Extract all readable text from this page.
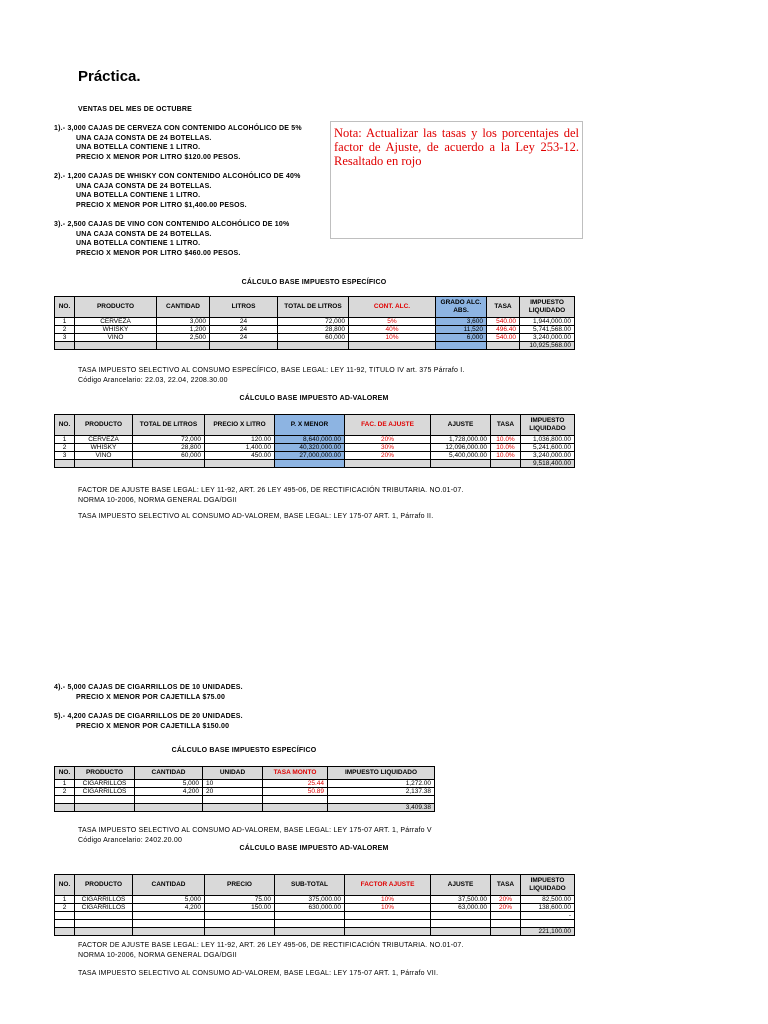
Práctica.
VENTAS DEL MES DE OCTUBRE
1).- 3,000 CAJAS DE CERVEZA CON CONTENIDO ALCOHÓLICO DE 5%
UNA CAJA CONSTA DE 24 BOTELLAS.
UNA BOTELLA CONTIENE 1 LITRO.
PRECIO X MENOR POR LITRO $120.00 PESOS.
2).- 1,200 CAJAS DE WHISKY CON CONTENIDO ALCOHÓLICO DE 40%
UNA CAJA CONSTA DE 24 BOTELLAS.
UNA BOTELLA CONTIENE 1 LITRO.
PRECIO X MENOR POR LITRO $1,400.00 PESOS.
3).- 2,500 CAJAS DE VINO CON CONTENIDO ALCOHÓLICO DE 10%
UNA CAJA CONSTA DE 24 BOTELLAS.
UNA BOTELLA CONTIENE 1 LITRO.
PRECIO X MENOR POR LITRO $460.00 PESOS.
Nota: Actualizar las tasas y los porcentajes del factor de Ajuste, de acuerdo a la Ley 253-12. Resaltado en rojo
CÁLCULO BASE IMPUESTO ESPECÍFICO
NO.	PRODUCTO	CANTIDAD	LITROS	TOTAL DE LITROS	CONT. ALC.	GRADO ALC. ABS.	TASA	IMPUESTO LIQUIDADO
1	CERVEZA	3,000	24	72,000	5%	3,600	540.00	1,944,000.00
2	WHISKY	1,200	24	28,800	40%	11,520	496.40	5,741,568.00
3	VINO	2,500	24	60,000	10%	6,000	540.00	3,240,000.00
								10,925,568.00
TASA IMPUESTO SELECTIVO AL CONSUMO ESPECÍFICO, BASE LEGAL: LEY 11-92, TITULO IV art. 375 Párrafo I.
Código Arancelario: 22.03, 22.04, 2208.30.00
CÁLCULO BASE IMPUESTO AD-VALOREM
NO.	PRODUCTO	TOTAL DE LITROS	PRECIO X LITRO	P. X MENOR	FAC. DE AJUSTE	AJUSTE	TASA	IMPUESTO LIQUIDADO
1	CERVEZA	72,000	120.00	8,640,000.00	20%	1,728,000.00	10.0%	1,036,800.00
2	WHISKY	28,800	1,400.00	40,320,000.00	30%	12,096,000.00	10.0%	5,241,600.00
3	VINO	60,000	450.00	27,000,000.00	20%	5,400,000.00	10.0%	3,240,000.00
								9,518,400.00
FACTOR DE AJUSTE BASE LEGAL: LEY 11-92, ART. 26 LEY 495-06, DE RECTIFICACIÓN TRIBUTARIA. NO.01-07.
NORMA 10-2006, NORMA GENERAL DGA/DGII
TASA IMPUESTO SELECTIVO AL CONSUMO AD-VALOREM, BASE LEGAL: LEY 175-07 ART. 1, Párrafo II.
4).- 5,000 CAJAS DE CIGARRILLOS DE 10 UNIDADES.
PRECIO X MENOR POR CAJETILLA $75.00
5).- 4,200 CAJAS DE CIGARRILLOS DE 20 UNIDADES.
PRECIO X MENOR POR CAJETILLA $150.00
CÁLCULO BASE IMPUESTO ESPECÍFICO
NO.	PRODUCTO	CANTIDAD	UNIDAD	TASA MONTO	IMPUESTO LIQUIDADO
1	CIGARRILLOS	5,000	10	25.44	1,272.00
2	CIGARRILLOS	4,200	20	50.89	2,137.38

					3,409.38
TASA IMPUESTO SELECTIVO AL CONSUMO AD-VALOREM, BASE LEGAL: LEY 175-07 ART. 1, Párrafo V
Código Arancelario: 2402.20.00
CÁLCULO BASE IMPUESTO AD-VALOREM
NO.	PRODUCTO	CANTIDAD	PRECIO	SUB-TOTAL	FACTOR AJUSTE	AJUSTE	TASA	IMPUESTO LIQUIDADO
1	CIGARRILLOS	5,000	75.00	375,000.00	10%	37,500.00	20%	82,500.00
2	CIGARRILLOS	4,200	150.00	630,000.00	10%	63,000.00	20%	138,600.00
								-

								221,100.00
FACTOR DE AJUSTE BASE LEGAL: LEY 11-92, ART. 26 LEY 495-06, DE RECTIFICACIÓN TRIBUTARIA. NO.01-07.
NORMA 10-2006, NORMA GENERAL DGA/DGII
TASA IMPUESTO SELECTIVO AL CONSUMO AD-VALOREM, BASE LEGAL: LEY 175-07 ART. 1, Párrafo VII.
